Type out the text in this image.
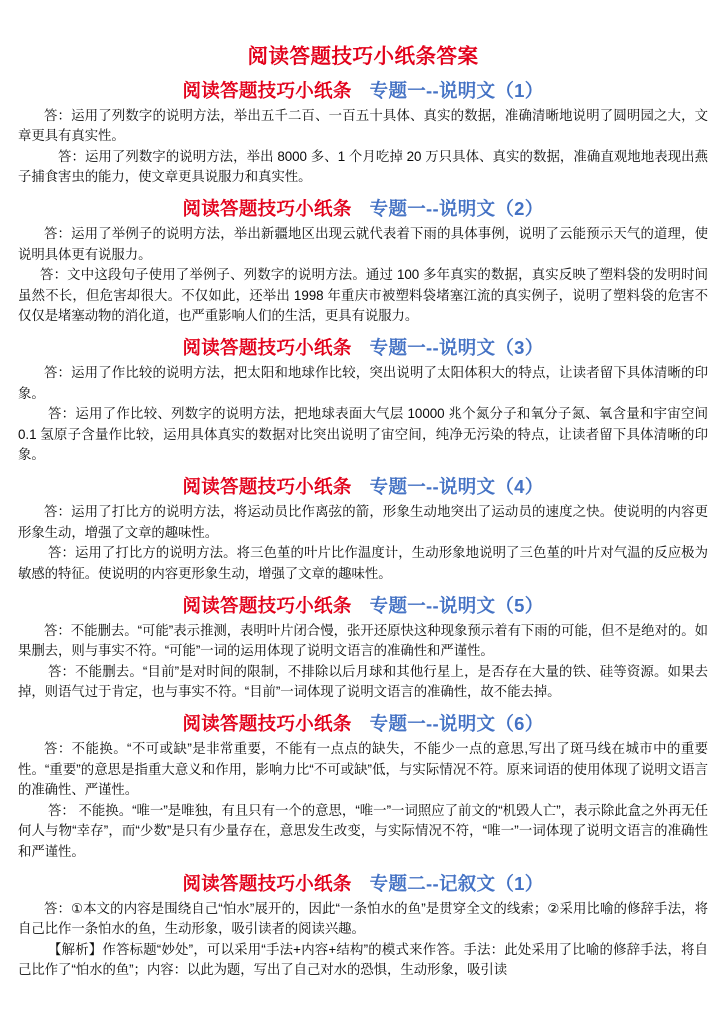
阅读答题技巧小纸条答案
阅读答题技巧小纸条 专题一--说明文（1）

答：运用了列数字的说明方法，举出五千二百、一百五十具体、真实的数据，准确清晰地说明了圆明园之大，文章更具有真实性。

答：运用了列数字的说明方法，举出 8000 多、1 个月吃掉 20 万只具体、真实的数据，准确直观地地表现出燕子捕食害虫的能力，使文章更具说服力和真实性。

阅读答题技巧小纸条 专题一--说明文（2）

答：运用了举例子的说明方法，举出新疆地区出现云就代表着下雨的具体事例，说明了云能预示天气的道理，使说明具体更有说服力。

答：文中这段句子使用了举例子、列数字的说明方法。通过 100 多年真实的数据，真实反映了塑料袋的发明时间虽然不长，但危害却很大。不仅如此，还举出 1998 年重庆市被塑料袋堵塞江流的真实例子，说明了塑料袋的危害不仅仅是堵塞动物的消化道，也严重影响人们的生活，更具有说服力。

阅读答题技巧小纸条 专题一--说明文（3）

答：运用了作比较的说明方法，把太阳和地球作比较，突出说明了太阳体积大的特点，让读者留下具体清晰的印象。

答：运用了作比较、列数字的说明方法，把地球表面大气层 10000 兆个氮分子和氧分子氮、氧含量和宇宙空间 0.1 氢原子含量作比较，运用具体真实的数据对比突出说明了宙空间，纯净无污染的特点，让读者留下具体清晰的印象。

阅读答题技巧小纸条 专题一--说明文（4）

答：运用了打比方的说明方法，将运动员比作离弦的箭，形象生动地突出了运动员的速度之快。使说明的内容更形象生动，增强了文章的趣味性。

答：运用了打比方的说明方法。将三色堇的叶片比作温度计，生动形象地说明了三色堇的叶片对气温的反应极为敏感的特征。使说明的内容更形象生动，增强了文章的趣味性。

阅读答题技巧小纸条 专题一--说明文（5）

答：不能删去。“可能”表示推测，表明叶片闭合慢，张开还原快这种现象预示着有下雨的可能，但不是绝对的。如果删去，则与事实不符。“可能”一词的运用体现了说明文语言的准确性和严谨性。

答：不能删去。“目前”是对时间的限制，不排除以后月球和其他行星上，是否存在大量的铁、硅等资源。如果去掉，则语气过于肯定，也与事实不符。“目前”一词体现了说明文语言的准确性，故不能去掉。

阅读答题技巧小纸条 专题一--说明文（6）

答：不能换。“不可或缺”是非常重要，不能有一点点的缺失，不能少一点的意思,写出了斑马线在城市中的重要性。“重要”的意思是指重大意义和作用，影响力比“不可或缺”低，与实际情况不符。原来词语的使用体现了说明文语言的准确性、严谨性。

答： 不能换。“唯一”是唯独，有且只有一个的意思，“唯一”一词照应了前文的“机毁人亡”，表示除此盒之外再无任何人与物“幸存”，而“少数”是只有少量存在，意思发生改变，与实际情况不符，“唯一”一词体现了说明文语言的准确性和严谨性。

阅读答题技巧小纸条 专题二--记叙文（1）

答：①本文的内容是围绕自己“怕水”展开的，因此“一条怕水的鱼”是贯穿全文的线索；②采用比喻的修辞手法，将自己比作一条怕水的鱼，生动形象，吸引读者的阅读兴趣。

【解析】作答标题“妙处”，可以采用“手法+内容+结构”的模式来作答。手法：此处采用了比喻的修辞手法，将自己比作了“怕水的鱼”；内容：以此为题，写出了自己对水的恐惧，生动形象，吸引读
